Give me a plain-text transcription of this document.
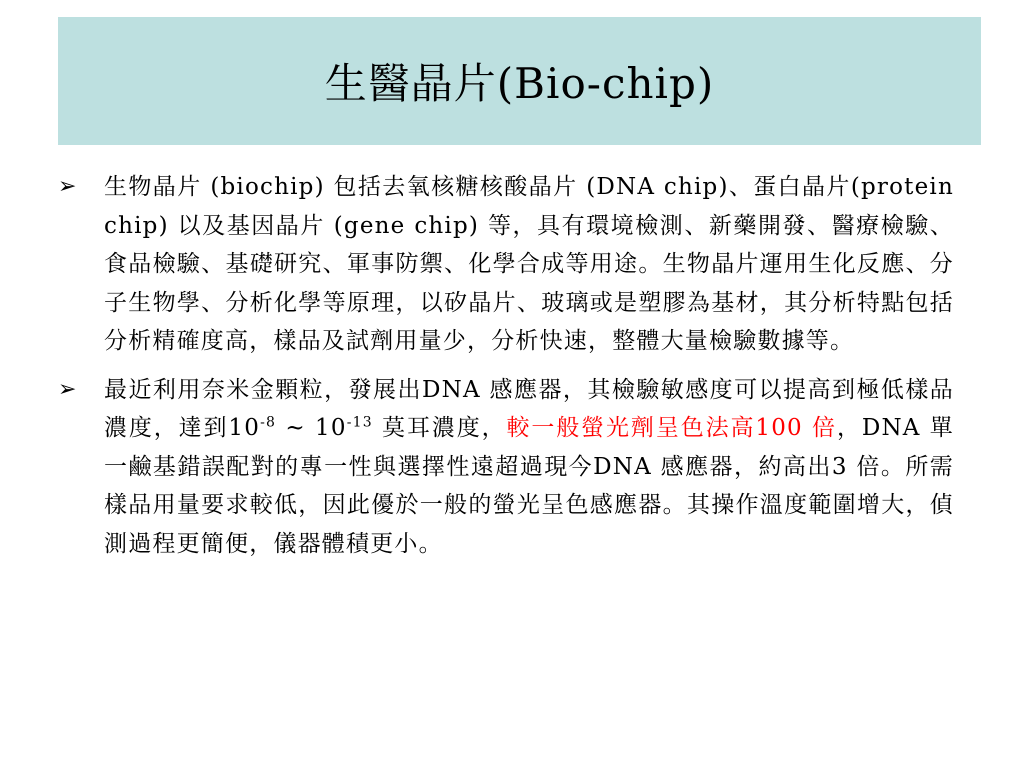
生醫晶片(Bio-chip)
➢	生物晶片 (biochip) 包括去氧核糖核酸晶片 (DNA chip)、蛋白晶片(protein chip) 以及基因晶片 (gene chip) 等，具有環境檢測、新藥開發、醫療檢驗、食品檢驗、基礎研究、軍事防禦、化學合成等用途。生物晶片運用生化反應、分子生物學、分析化學等原理，以矽晶片、玻璃或是塑膠為基材，其分析特點包括分析精確度高，樣品及試劑用量少，分析快速，整體大量檢驗數據等。
➢	最近利用奈米金顆粒，發展出DNA 感應器，其檢驗敏感度可以提高到極低樣品濃度，達到$10^{-8}$ ~ $10^{-13}$ 莫耳濃度，較一般螢光劑呈色法高100 倍，DNA 單一鹼基錯誤配對的專一性與選擇性遠超過現今DNA 感應器，約高出3 倍。所需樣品用量要求較低，因此優於一般的螢光呈色感應器。其操作溫度範圍增大，偵測過程更簡便，儀器體積更小。
